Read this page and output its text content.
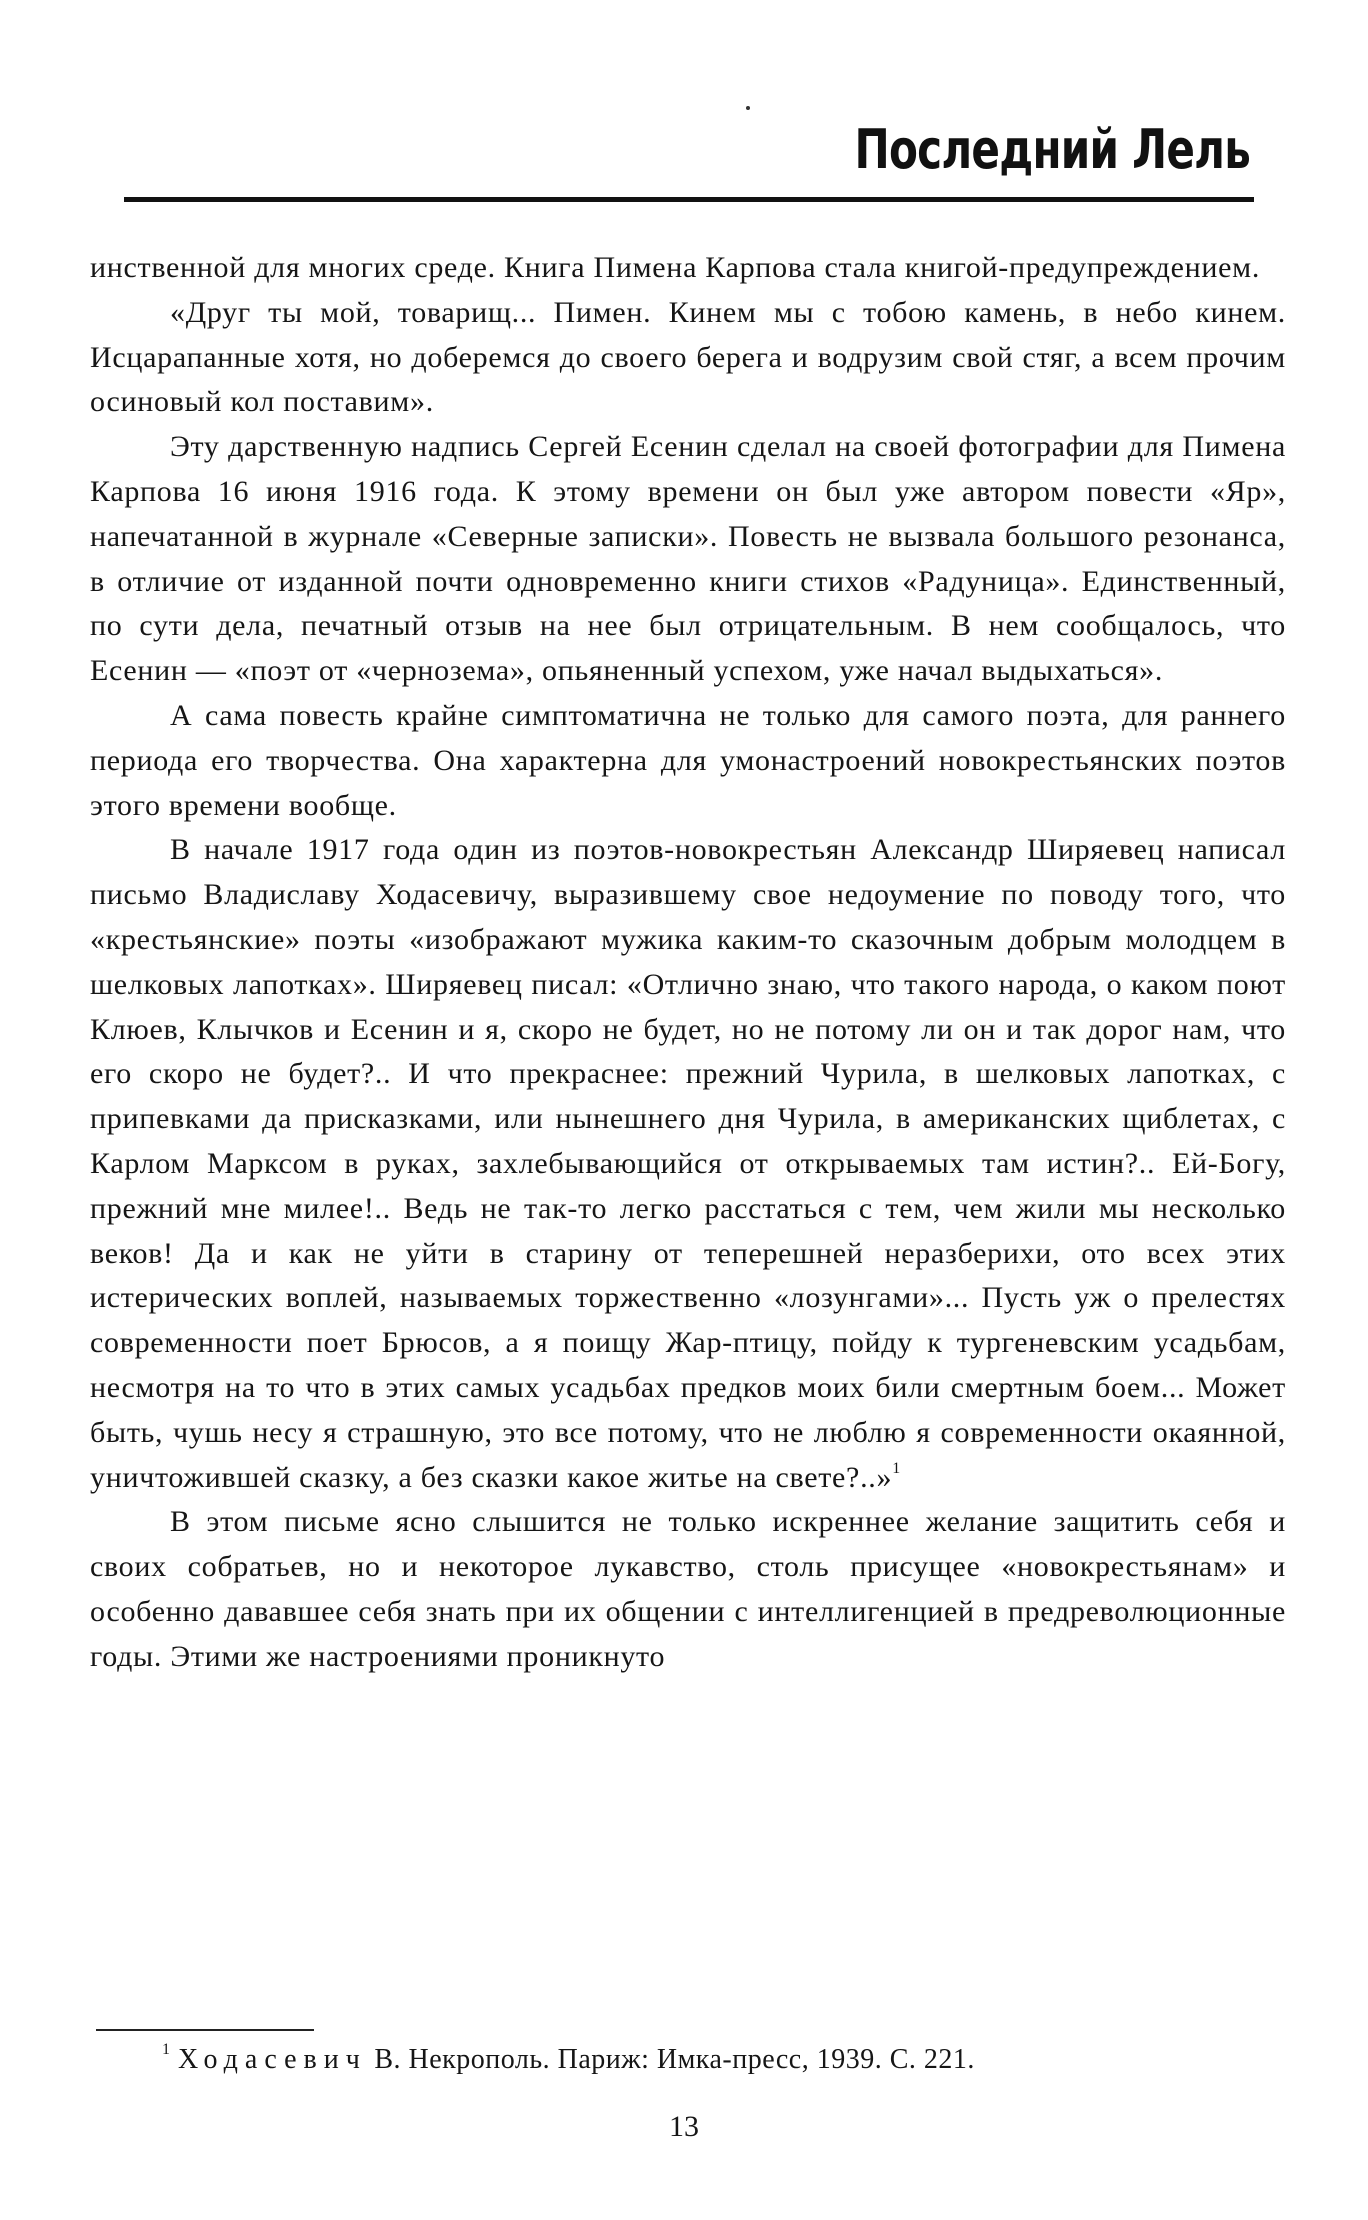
Последний Лель

инственной для многих среде. Книга Пимена Карпова стала книгой-предупреждением.

«Друг ты мой, товарищ... Пимен. Кинем мы с тобою камень, в небо кинем. Исцарапанные хотя, но доберемся до своего берега и водрузим свой стяг, а всем прочим осиновый кол поставим».

Эту дарственную надпись Сергей Есенин сделал на своей фотографии для Пимена Карпова 16 июня 1916 года. К этому времени он был уже автором повести «Яр», напечатанной в журнале «Северные записки». Повесть не вызвала большого резонанса, в отличие от изданной почти одновременно книги стихов «Радуница». Единственный, по сути дела, печатный отзыв на нее был отрицательным. В нем сообщалось, что Есенин — «поэт от «чернозема», опьяненный успехом, уже начал выдыхаться».

А сама повесть крайне симптоматична не только для самого поэта, для раннего периода его творчества. Она характерна для умонастроений новокрестьянских поэтов этого времени вообще.

В начале 1917 года один из поэтов-новокрестьян Александр Ширяевец написал письмо Владиславу Ходасевичу, выразившему свое недоумение по поводу того, что «крестьянские» поэты «изображают мужика каким-то сказочным добрым молодцем в шелковых лапотках». Ширяевец писал: «Отлично знаю, что такого народа, о каком поют Клюев, Клычков и Есенин и я, скоро не будет, но не потому ли он и так дорог нам, что его скоро не будет?.. И что прекраснее: прежний Чурила, в шелковых лапотках, с припевками да присказками, или нынешнего дня Чурила, в американских щиблетах, с Карлом Марксом в руках, захлебывающийся от открываемых там истин?.. Ей-Богу, прежний мне милее!.. Ведь не так-то легко расстаться с тем, чем жили мы несколько веков! Да и как не уйти в старину от теперешней неразберихи, ото всех этих истерических воплей, называемых торжественно «лозунгами»... Пусть уж о прелестях современности поет Брюсов, а я поищу Жар-птицу, пойду к тургеневским усадьбам, несмотря на то что в этих самых усадьбах предков моих били смертным боем... Может быть, чушь несу я страшную, это все потому, что не люблю я современности окаянной, уничтожившей сказку, а без сказки какое житье на свете?..»$^1$

В этом письме ясно слышится не только искреннее желание защитить себя и своих собратьев, но и некоторое лукавство, столь присущее «новокрестьянам» и особенно дававшее себя знать при их общении с интеллигенцией в предреволюционные годы. Этими же настроениями проникнуто

$^1$ Ходасевич В. Некрополь. Париж: Имка-пресс, 1939. С. 221.
13
